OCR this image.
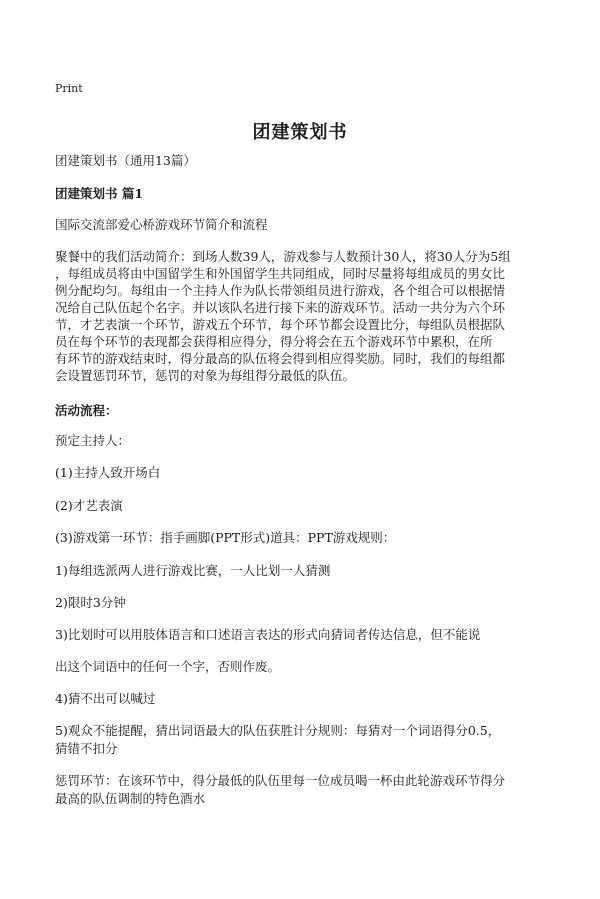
Print
团建策划书
团建策划书（通用13篇）
团建策划书 篇1
国际交流部爱心桥游戏环节简介和流程
聚餐中的我们活动简介：到场人数39人，游戏参与人数预计30人，将30人分为5组
，每组成员将由中国留学生和外国留学生共同组成，同时尽量将每组成员的男女比
例分配均匀。每组由一个主持人作为队长带领组员进行游戏，各个组合可以根据情
况给自己队伍起个名字。并以该队名进行接下来的游戏环节。活动一共分为六个环
节，才艺表演一个环节，游戏五个环节，每个环节都会设置比分，每组队员根据队
员在每个环节的表现都会获得相应得分，得分将会在五个游戏环节中累积，在所
有环节的游戏结束时，得分最高的队伍将会得到相应得奖励。同时，我们的每组都
会设置惩罚环节，惩罚的对象为每组得分最低的队伍。
活动流程：
预定主持人：
(1)主持人致开场白
(2)才艺表演
(3)游戏第一环节：指手画脚(PPT形式)道具：PPT游戏规则：
1)每组选派两人进行游戏比赛，一人比划一人猜测
2)限时3分钟
3)比划时可以用肢体语言和口述语言表达的形式向猜词者传达信息，但不能说
出这个词语中的任何一个字，否则作废。
4)猜不出可以喊过
5)观众不能提醒，猜出词语最大的队伍获胜计分规则：每猜对一个词语得分0.5，
猜错不扣分
惩罚环节：在该环节中，得分最低的队伍里每一位成员喝一杯由此轮游戏环节得分
最高的队伍调制的特色酒水
